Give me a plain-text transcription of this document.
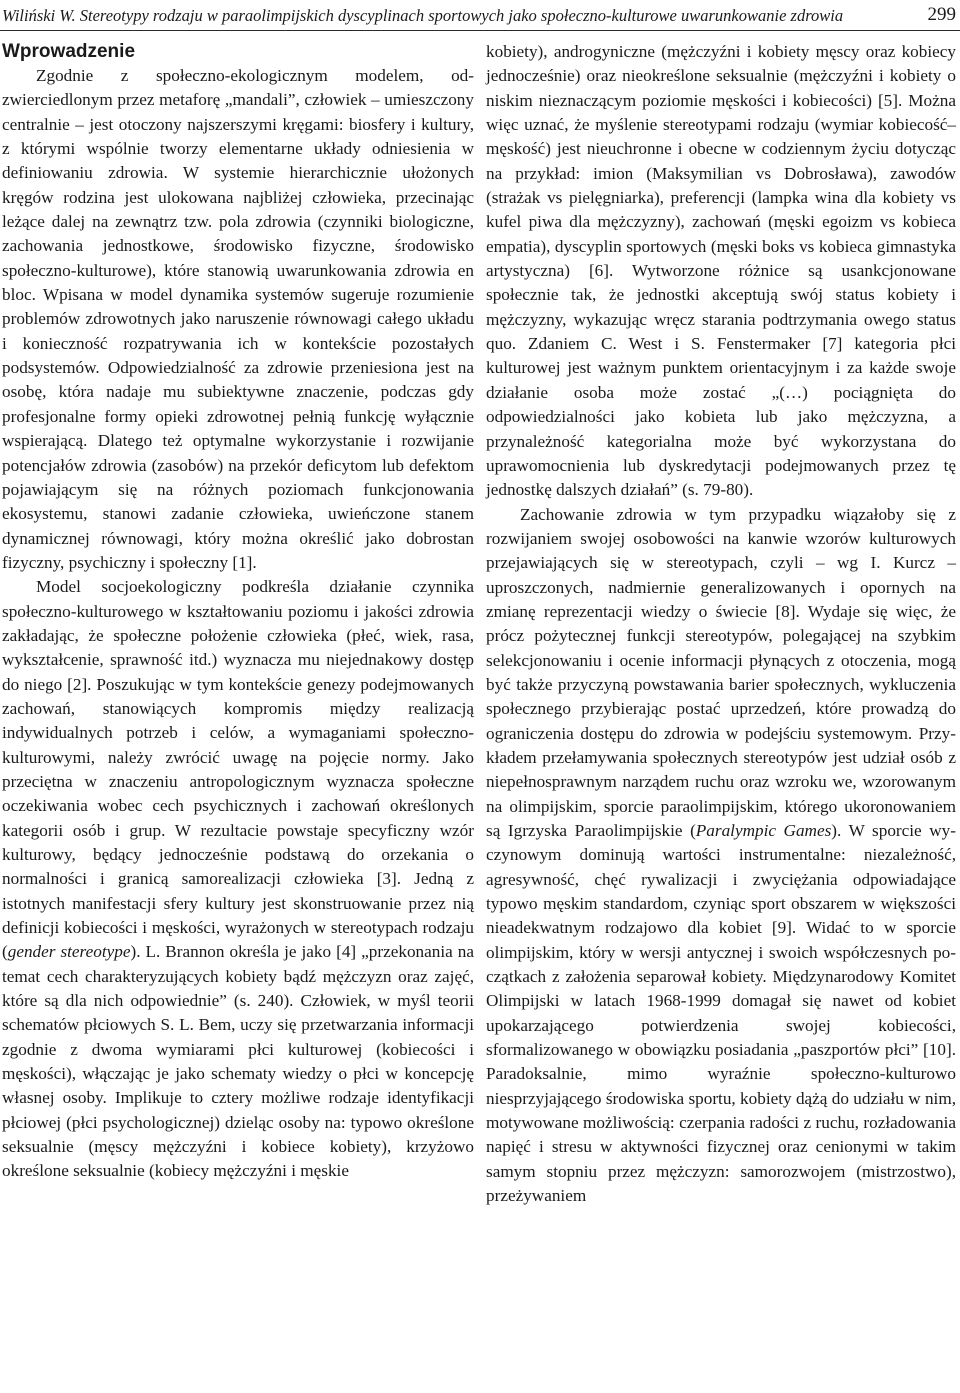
Wiliński W. Stereotypy rodzaju w paraolimpijskich dyscyplinach sportowych jako społeczno-kulturowe uwarunkowanie zdrowia	299
Wprowadzenie

Zgodnie z społeczno-ekologicznym modelem, odzwierciedlonym przez metaforę „mandali”, człowiek – umieszczony centralnie – jest otoczony najszerszymi kręgami: biosfery i kultury, z którymi wspólnie tworzy elementarne układy odniesienia w definiowaniu zdrowia. W systemie hierarchicznie ułożonych kręgów rodzina jest ulokowana najbliżej człowieka, przecinając leżące dalej na zewnątrz tzw. pola zdrowia (czynniki biologiczne, zachowania jednostkowe, środowisko fizyczne, środowisko społeczno-kulturowe), które stanowią uwarunkowania zdrowia en bloc. Wpisana w model dynamika systemów sugeruje rozumienie problemów zdrowotnych jako naruszenie równowagi całego układu i konieczność rozpatrywania ich w kontekście pozostałych podsystemów. Odpowiedzialność za zdrowie przeniesiona jest na osobę, która nadaje mu subiektywne znaczenie, podczas gdy profesjonalne formy opieki zdrowotnej pełnią funkcję wyłącznie wspierającą. Dlatego też optymalne wykorzystanie i rozwijanie potencjałów zdrowia (zasobów) na przekór deficytom lub defektom pojawiającym się na różnych poziomach funkcjonowania ekosystemu, stanowi zadanie człowieka, uwieńczone stanem dynamicznej równowagi, który można określić jako dobrostan fizyczny, psychiczny i społeczny [1].

Model socjoekologiczny podkreśla działanie czynnika społeczno-kulturowego w kształtowaniu poziomu i jakości zdrowia zakładając, że społeczne położenie człowieka (płeć, wiek, rasa, wykształcenie, sprawność itd.) wyznacza mu niejednakowy dostęp do niego [2]. Poszukując w tym kontekście genezy podejmowanych zachowań, stanowiących kompromis między realizacją indywidualnych potrzeb i celów, a wymaganiami społeczno- kulturowymi, należy zwrócić uwagę na pojęcie normy. Jako przeciętna w znaczeniu antropologicznym wyznacza społeczne oczekiwania wobec cech psychicznych i zachowań określonych kategorii osób i grup. W rezultacie powstaje specyficzny wzór kulturowy, będący jednocześnie podstawą do orzekania o normalności i granicą samorealizacji człowieka [3]. Jedną z istotnych manifestacji sfery kultury jest skonstruowanie przez nią definicji kobiecości i męskości, wyrażonych w stereotypach rodzaju (gender stereotype). L. Brannon określa je jako [4] „przekonania na temat cech charakteryzujących kobiety bądź mężczyzn oraz zajęć, które są dla nich odpowiednie” (s. 240). Człowiek, w myśl teorii schematów płciowych S. L. Bem, uczy się przetwarzania informacji zgodnie z dwoma wymiarami płci kulturowej (kobiecości i męskości), włączając je jako schematy wiedzy o płci w koncepcję własnej osoby. Implikuje to cztery możliwe rodzaje identyfikacji płciowej (płci psychologicznej) dzieląc osoby na: typowo określone seksualnie (męscy mężczyźni i kobiece kobiety), krzyżowo określone seksualnie (kobiecy mężczyźni i męskie

kobiety), androgyniczne (mężczyźni i kobiety męscy oraz kobiecy jednocześnie) oraz nieokreślone seksualnie (mężczyźni i kobiety o niskim nieznaczącym poziomie męskości i kobiecości) [5]. Można więc uznać, że myślenie stereotypami rodzaju (wymiar kobiecość– męskość) jest nieuchronne i obecne w codziennym życiu dotycząc na przykład: imion (Maksymilian vs Dobrosława), zawodów (strażak vs pielęgniarka), preferencji (lampka wina dla kobiety vs kufel piwa dla mężczyzny), zachowań (męski egoizm vs kobieca empatia), dyscyplin sportowych (męski boks vs kobieca gimnastyka artystyczna) [6]. Wytworzone różnice są usankcjonowane społecznie tak, że jednostki akceptują swój status kobiety i mężczyzny, wykazując wręcz starania podtrzymania owego status quo. Zdaniem C. West i S. Fenstermaker [7] kategoria płci kulturowej jest ważnym punktem orientacyjnym i za każde swoje działanie osoba może zostać „(…) pociągnięta do odpowiedzialności jako kobieta lub jako mężczyzna, a przynależność kategorialna może być wykorzystana do uprawomocnienia lub dyskredytacji podejmowanych przez tę jednostkę dalszych działań” (s. 79-80).

Zachowanie zdrowia w tym przypadku wiązałoby się z rozwijaniem swojej osobowości na kanwie wzorów kulturowych przejawiających się w stereotypach, czyli – wg I. Kurcz – uproszczonych, nadmiernie generalizowanych i opornych na zmianę reprezentacji wiedzy o świecie [8]. Wydaje się więc, że prócz pożytecznej funkcji stereotypów, polegającej na szybkim selekcjonowaniu i ocenie informacji płynących z otoczenia, mogą być także przyczyną powstawania barier społecznych, wykluczenia społecznego przybierając postać uprzedzeń, które prowadzą do ograniczenia dostępu do zdrowia w podejściu systemowym. Przykładem przełamywania społecznych stereotypów jest udział osób z niepełnosprawnym narządem ruchu oraz wzroku we, wzorowanym na olimpijskim, sporcie paraolimpijskim, którego ukoronowaniem są Igrzyska Paraolimpijskie (Paralympic Games). W sporcie wyczynowym dominują wartości instrumentalne: niezależność, agresywność, chęć rywalizacji i zwyciężania odpowiadające typowo męskim standardom, czyniąc sport obszarem w większości nieadekwatnym rodzajowo dla kobiet [9]. Widać to w sporcie olimpijskim, który w wersji antycznej i swoich współczesnych początkach z założenia separował kobiety. Międzynarodowy Komitet Olimpijski w latach 1968-1999 domagał się nawet od kobiet upokarzającego potwierdzenia swojej kobiecości, sformalizowanego w obowiązku posiadania „paszportów płci” [10]. Paradoksalnie, mimo wyraźnie społeczno-kulturowo niesprzyjającego środowiska sportu, kobiety dążą do udziału w nim, motywowane możliwością: czerpania radości z ruchu, rozładowania napięć i stresu w aktywności fizycznej oraz cenionymi w takim samym stopniu przez mężczyzn: samorozwojem (mistrzostwo), przeżywaniem
